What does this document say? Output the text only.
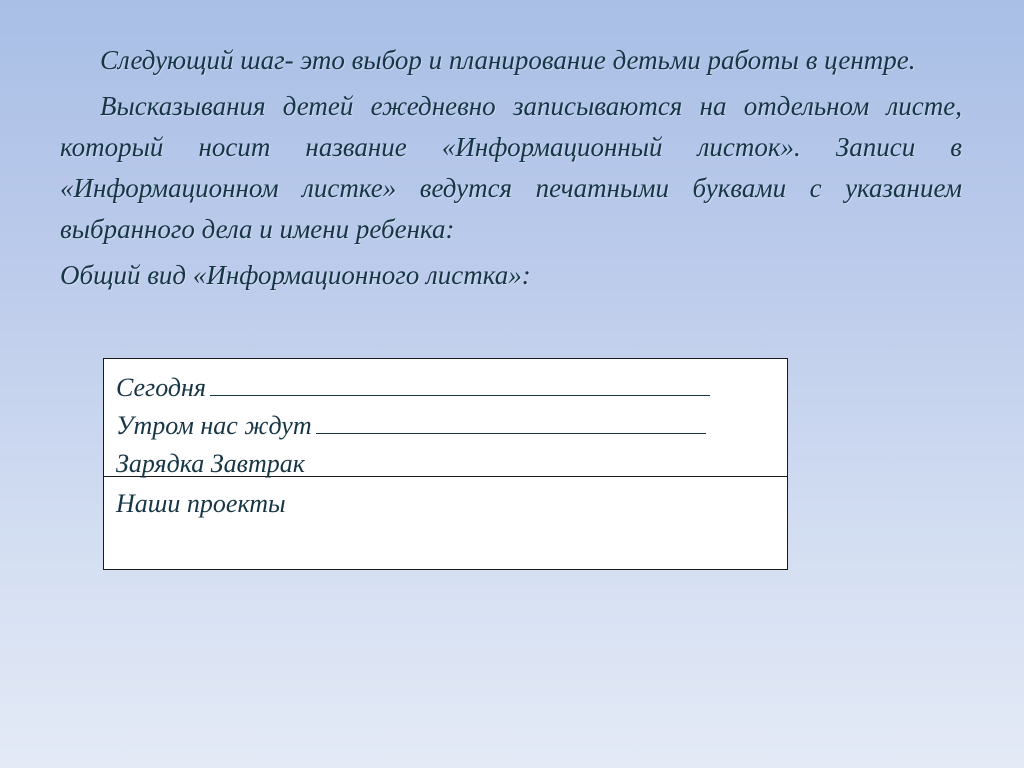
Следующий шаг- это выбор и планирование детьми работы в центре.

Высказывания детей ежедневно записываются на отдельном листе, который носит название «Информационный листок». Записи в «Информационном листке» ведутся печатными буквами с указанием выбранного дела и имени ребенка:

Общий вид «Информационного листка»:

Сегодня
Утром нас ждут
Зарядка Завтрак
Наши проекты
